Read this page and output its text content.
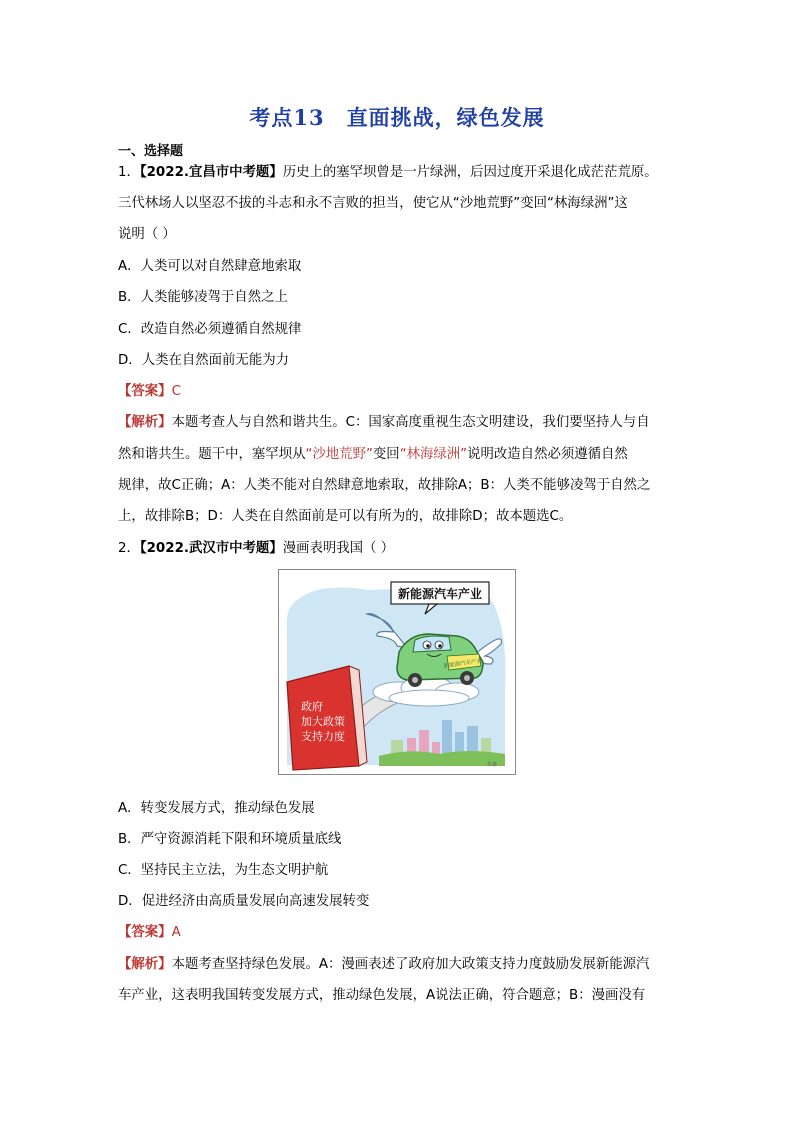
考点13 直面挑战，绿色发展
一、选择题
1．【2022.宜昌市中考题】历史上的塞罕坝曾是一片绿洲，后因过度开采退化成茫茫荒原。
三代林场人以坚忍不拔的斗志和永不言败的担当，使它从“沙地荒野”变回“林海绿洲”这
说明（ ）
A．人类可以对自然肆意地索取
B．人类能够凌驾于自然之上
C．改造自然必须遵循自然规律
D．人类在自然面前无能为力
【答案】C
【解析】本题考查人与自然和谐共生。C：国家高度重视生态文明建设，我们要坚持人与自
然和谐共生。题干中，塞罕坝从“沙地荒野”变回“林海绿洲”说明改造自然必须遵循自然
规律，故C正确；A：人类不能对自然肆意地索取，故排除A；B：人类不能够凌驾于自然之
上，故排除B；D：人类在自然面前是可以有所为的，故排除D；故本题选C。
2．【2022.武汉市中考题】漫画表明我国（ ）
新能源汽车产业
新能源汽车产业
政府
加大政策
支持力度
朱森
A．转变发展方式，推动绿色发展
B．严守资源消耗下限和环境质量底线
C．坚持民主立法，为生态文明护航
D．促进经济由高质量发展向高速发展转变
【答案】A
【解析】本题考查坚持绿色发展。A：漫画表述了政府加大政策支持力度鼓励发展新能源汽
车产业，这表明我国转变发展方式，推动绿色发展，A说法正确，符合题意；B：漫画没有
